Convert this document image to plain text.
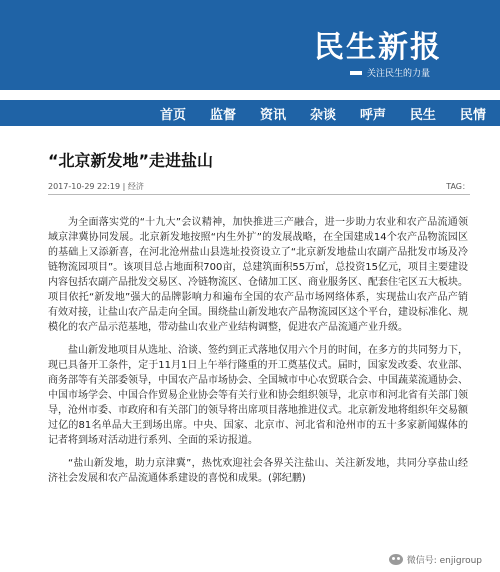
民生新报
关注民生的力量
首页 监督 资讯 杂谈 呼声 民生 民情
“北京新发地”走进盐山
2017-10-29 22:19 | 经济	TAG：

为全面落实党的“十九大”会议精神，加快推进三产融合，进一步助力农业和农产品流通领域京津冀协同发展。北京新发地按照“内生外扩”的发展战略，在全国建成14个农产品物流园区的基础上又添新喜，在河北沧州盐山县选址投资设立了“北京新发地盐山农副产品批发市场及冷链物流园项目”。该项目总占地面积700亩，总建筑面积55万㎡，总投资15亿元，项目主要建设内容包括农副产品批发交易区、冷链物流区、仓储加工区、商业服务区、配套住宅区五大板块。项目依托“新发地”强大的品牌影响力和遍布全国的农产品市场网络体系，实现盐山农产品产销有效对接，让盐山农产品走向全国。围绕盐山新发地农产品物流园区这个平台，建设标准化、规模化的农产品示范基地，带动盐山农业产业结构调整，促进农产品流通产业升级。

盐山新发地项目从选址、洽谈、签约到正式落地仅用六个月的时间，在多方的共同努力下，现已具备开工条件，定于11月1日上午举行隆重的开工奠基仪式。届时，国家发改委、农业部、商务部等有关部委领导，中国农产品市场协会、全国城市中心农贸联合会、中国蔬菜流通协会、中国市场学会、中国合作贸易企业协会等有关行业和协会组织领导，北京市和河北省有关部门领导，沧州市委、市政府和有关部门的领导将出席项目落地推进仪式。北京新发地将组织年交易额过亿的81名单品大王到场出席。中央、国家、北京市、河北省和沧州市的五十多家新闻媒体的记者将到场对活动进行系列、全面的采访报道。

“盐山新发地，助力京津冀”，热忱欢迎社会各界关注盐山、关注新发地，共同分享盐山经济社会发展和农产品流通体系建设的喜悦和成果。(郭纪鹏)

微信号: enjigroup
